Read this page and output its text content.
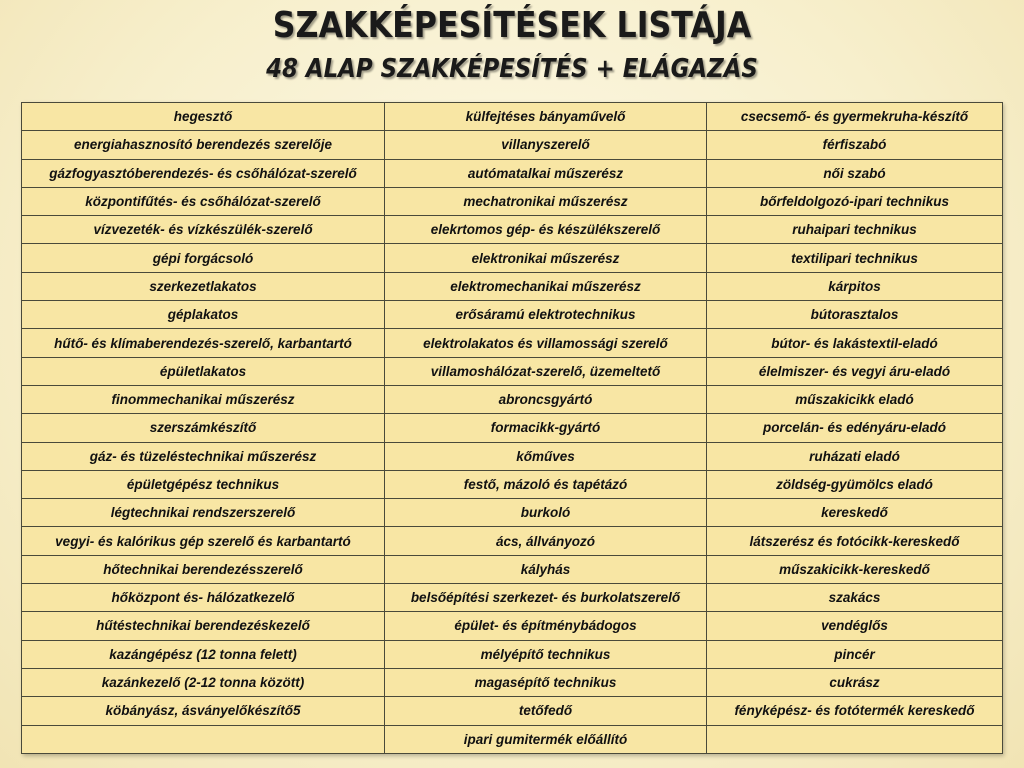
SZAKKÉPESÍTÉSEK LISTÁJA
48 ALAP SZAKKÉPESÍTÉS + ELÁGAZÁS
hegesztő	külfejtéses bányaművelő	csecsemő- és gyermekruha-készítő
energiahasznosító berendezés szerelője	villanyszerelő	férfiszabó
gázfogyasztóberendezés- és csőhálózat-szerelő	autómatalkai műszerész	női szabó
központifűtés- és csőhálózat-szerelő	mechatronikai műszerész	bőrfeldolgozó-ipari technikus
vízvezeték- és vízkészülék-szerelő	elekrtomos gép- és készülékszerelő	ruhaipari technikus
gépi forgácsoló	elektronikai műszerész	textilipari technikus
szerkezetlakatos	elektromechanikai műszerész	kárpitos
géplakatos	erősáramú elektrotechnikus	bútorasztalos
hűtő- és klímaberendezés-szerelő, karbantartó	elektrolakatos és villamossági szerelő	bútor- és lakástextil-eladó
épületlakatos	villamoshálózat-szerelő, üzemeltető	élelmiszer- és vegyi áru-eladó
finommechanikai műszerész	abroncsgyártó	műszakicikk eladó
szerszámkészítő	formacikk-gyártó	porcelán- és edényáru-eladó
gáz- és tüzeléstechnikai műszerész	kőműves	ruházati eladó
épületgépész technikus	festő, mázoló és tapétázó	zöldség-gyümölcs eladó
légtechnikai rendszerszerelő	burkoló	kereskedő
vegyi- és kalórikus gép szerelő és karbantartó	ács, állványozó	látszerész és fotócikk-kereskedő
hőtechnikai berendezésszerelő	kályhás	műszakicikk-kereskedő
hőközpont és- hálózatkezelő	belsőépítési szerkezet- és burkolatszerelő	szakács
hűtéstechnikai berendezéskezelő	épület- és építménybádogos	vendéglős
kazángépész (12 tonna felett)	mélyépítő technikus	pincér
kazánkezelő (2-12 tonna között)	magasépítő technikus	cukrász
köbányász, ásványelőkészítő5	tetőfedő	fényképész- és fotótermék kereskedő
	ipari gumitermék előállító	
